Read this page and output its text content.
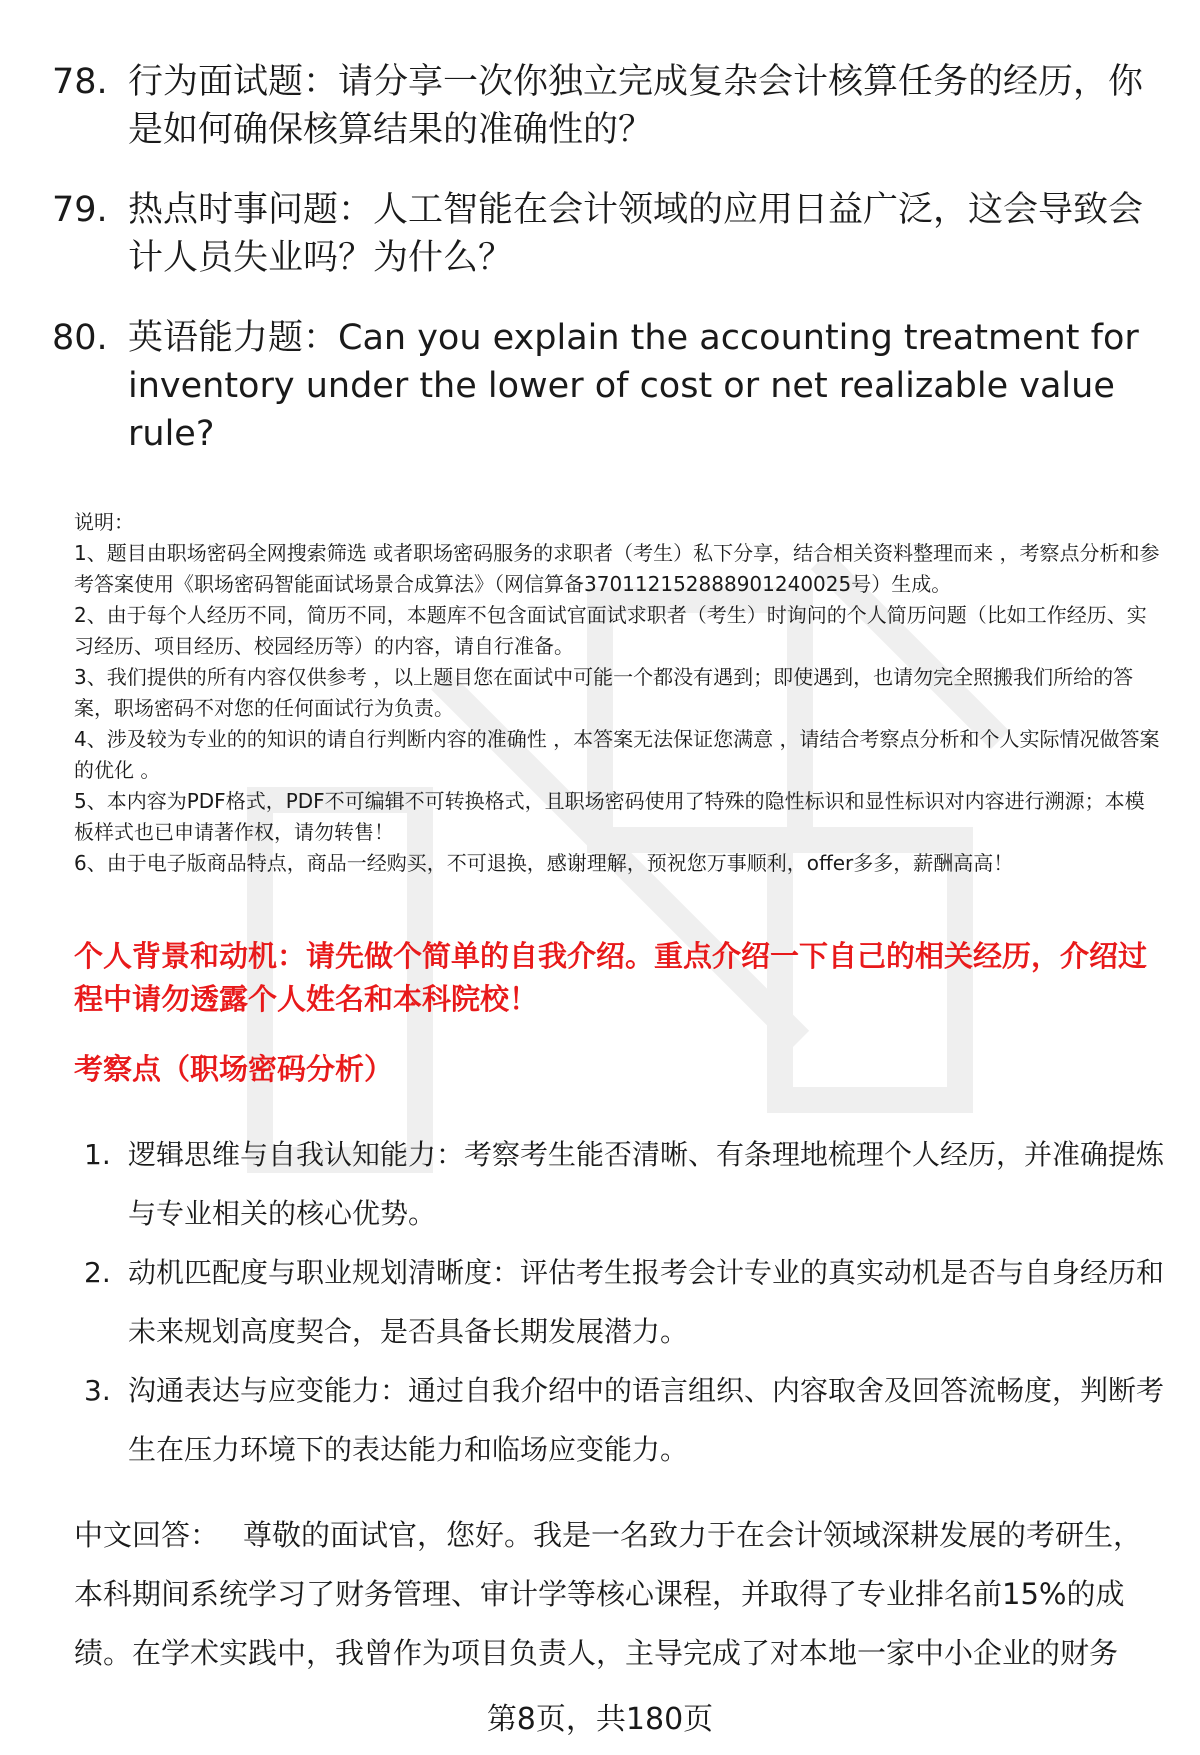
78. 行为面试题：请分享一次你独立完成复杂会计核算任务的经历，你是如何确保核算结果的准确性的？
79. 热点时事问题：人工智能在会计领域的应用日益广泛，这会导致会计人员失业吗？为什么？
80. 英语能力题：Can you explain the accounting treatment for inventory under the lower of cost or net realizable value rule?

说明：

1、题目由职场密码全网搜索筛选 或者职场密码服务的求职者（考生）私下分享，结合相关资料整理而来 ，考察点分析和参考答案使用《职场密码智能面试场景合成算法》（网信算备370112152888901240025号）生成。

2、由于每个人经历不同，简历不同，本题库不包含面试官面试求职者（考生）时询问的个人简历问题（比如工作经历、实习经历、项目经历、校园经历等）的内容，请自行准备。

3、我们提供的所有内容仅供参考 ，以上题目您在面试中可能一个都没有遇到；即使遇到，也请勿完全照搬我们所给的答案，职场密码不对您的任何面试行为负责。

4、涉及较为专业的的知识的请自行判断内容的准确性 ，本答案无法保证您满意 ，请结合考察点分析和个人实际情况做答案的优化 。

5、本内容为PDF格式，PDF不可编辑不可转换格式，且职场密码使用了特殊的隐性标识和显性标识对内容进行溯源；本模板样式也已申请著作权，请勿转售！

6、由于电子版商品特点，商品一经购买，不可退换，感谢理解，预祝您万事顺利，offer多多，薪酬高高！

个人背景和动机：请先做个简单的自我介绍。重点介绍一下自己的相关经历，介绍过程中请勿透露个人姓名和本科院校！
考察点（职场密码分析）
1. 逻辑思维与自我认知能力：考察考生能否清晰、有条理地梳理个人经历，并准确提炼与专业相关的核心优势。
2. 动机匹配度与职业规划清晰度：评估考生报考会计专业的真实动机是否与自身经历和未来规划高度契合，是否具备长期发展潜力。
3. 沟通表达与应变能力：通过自我介绍中的语言组织、内容取舍及回答流畅度，判断考生在压力环境下的表达能力和临场应变能力。
中文回答： 尊敬的面试官，您好。我是一名致力于在会计领域深耕发展的考研生，本科期间系统学习了财务管理、审计学等核心课程，并取得了专业排名前15%的成绩。在学术实践中，我曾作为项目负责人，主导完成了对本地一家中小企业的财务
第8页，共180页
